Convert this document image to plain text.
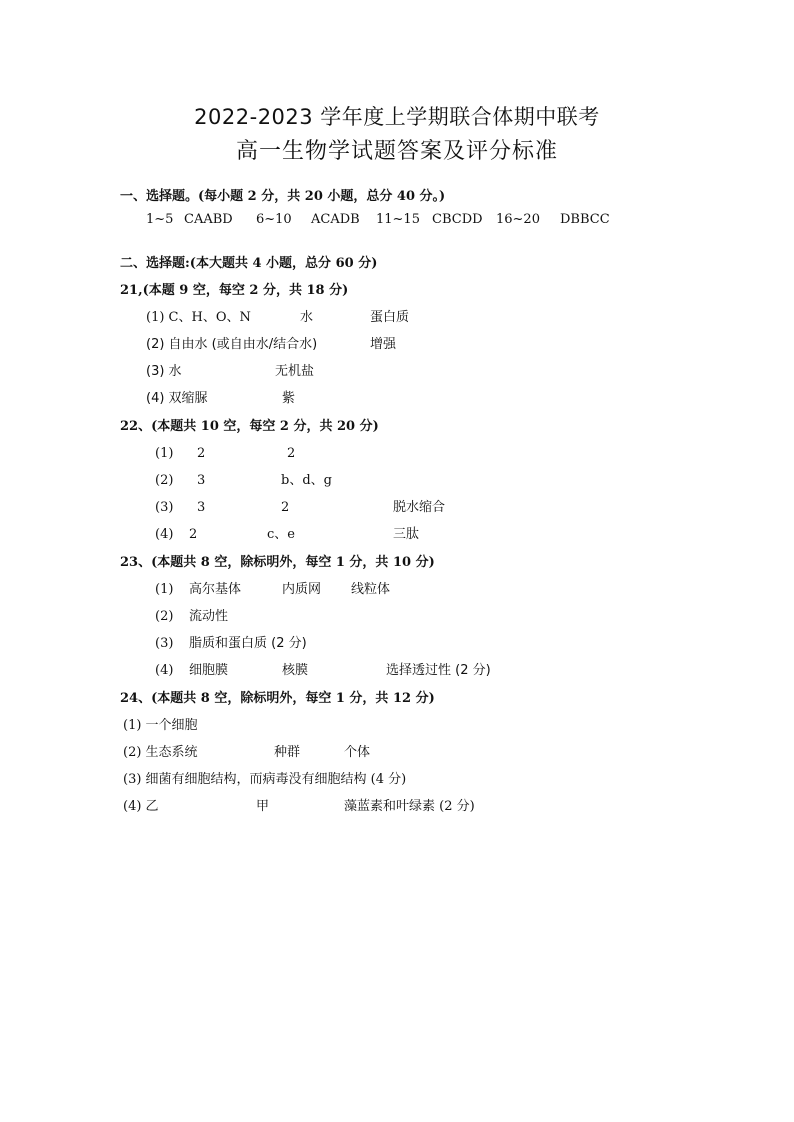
2022-2023 学年度上学期联合体期中联考
高一生物学试题答案及评分标准
一、选择题。(每小题 2 分，共 20 小题，总分 40 分。)
1~5 CAABD 6~10 ACADB 11~15 CBCDD 16~20 DBBCC
二、选择题:(本大题共 4 小题，总分 60 分)
21,(本题 9 空，每空 2 分，共 18 分)
(1) C、H、O、N	水	蛋白质
(2) 自由水 (或自由水/结合水)	增强
(3) 水	无机盐
(4) 双缩脲	紫
22、(本题共 10 空，每空 2 分，共 20 分)
(1) 2	2
(2) 3	b、d、g
(3) 3	2	脱水缩合
(4) 2	c、e	三肽
23、(本题共 8 空，除标明外，每空 1 分，共 10 分)
(1) 高尔基体	内质网 线粒体
(2) 流动性
(3) 脂质和蛋白质 (2 分)
(4) 细胞膜	核膜	选择透过性 (2 分)
24、(本题共 8 空，除标明外，每空 1 分，共 12 分)
(1) 一个细胞
(2) 生态系统	种群	个体
(3) 细菌有细胞结构，而病毒没有细胞结构 (4 分)
(4) 乙	甲	藻蓝素和叶绿素 (2 分)
